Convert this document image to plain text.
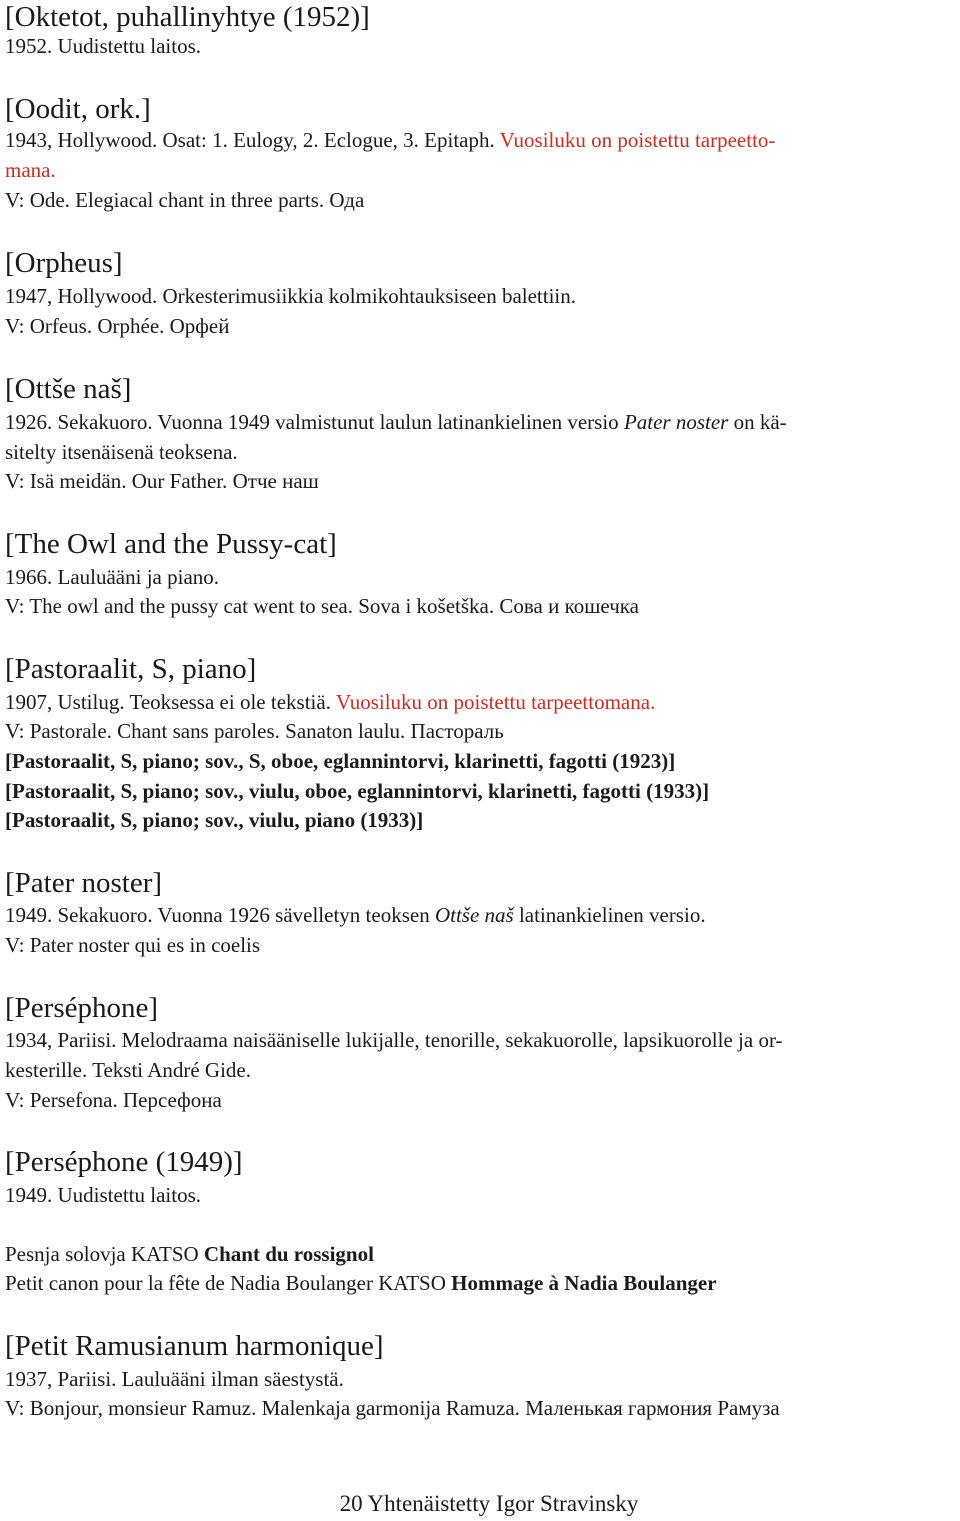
[Oktetot, puhallinyhtye (1952)]
1952. Uudistettu laitos.
[Oodit, ork.]
1943, Hollywood. Osat: 1. Eulogy, 2. Eclogue, 3. Epitaph. Vuosiluku on poistettu tarpeetto-
mana.
V: Ode. Elegiacal chant in three parts. Ода
[Orpheus]
1947, Hollywood. Orkesterimusiikkia kolmikohtauksiseen balettiin.
V: Orfeus. Orphée. Орфей
[Ottše naš]
1926. Sekakuoro. Vuonna 1949 valmistunut laulun latinankielinen versio Pater noster on kä-
sitelty itsenäisenä teoksena.
V: Isä meidän. Our Father. Отче наш
[The Owl and the Pussy-cat]
1966. Lauluääni ja piano.
V: The owl and the pussy cat went to sea. Sova i košetška. Сова и кошечка
[Pastoraalit, S, piano]
1907, Ustilug. Teoksessa ei ole tekstiä. Vuosiluku on poistettu tarpeettomana.
V: Pastorale. Chant sans paroles. Sanaton laulu. Пастораль
[Pastoraalit, S, piano; sov., S, oboe, eglannintorvi, klarinetti, fagotti (1923)]
[Pastoraalit, S, piano; sov., viulu, oboe, eglannintorvi, klarinetti, fagotti (1933)]
[Pastoraalit, S, piano; sov., viulu, piano (1933)]
[Pater noster]
1949. Sekakuoro. Vuonna 1926 sävelletyn teoksen Ottše naš latinankielinen versio.
V: Pater noster qui es in coelis
[Perséphone]
1934, Pariisi. Melodraama naisääniselle lukijalle, tenorille, sekakuorolle, lapsikuorolle ja or-
kesterille. Teksti André Gide.
V: Persefona. Персефона
[Perséphone (1949)]
1949. Uudistettu laitos.
Pesnja solovja KATSO Chant du rossignol
Petit canon pour la fête de Nadia Boulanger KATSO Hommage à Nadia Boulanger
[Petit Ramusianum harmonique]
1937, Pariisi. Lauluääni ilman säestystä.
V: Bonjour, monsieur Ramuz. Malenkaja garmonija Ramuza. Маленькая гармония Рамуза
20 Yhtenäistetty Igor Stravinsky
